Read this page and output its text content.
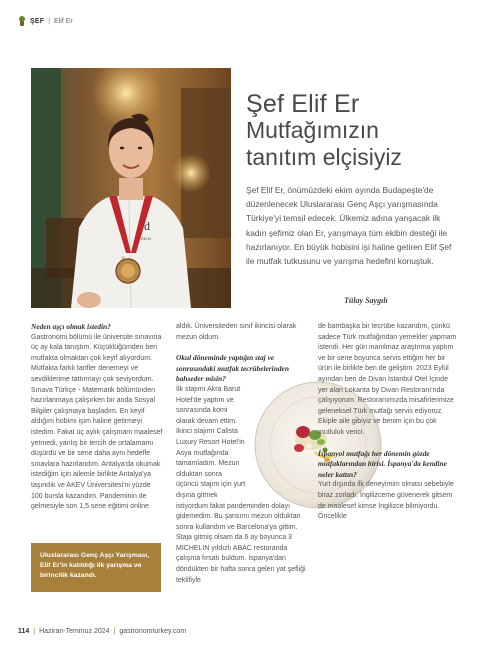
ŞEF | Elif Er
d
Elif Er
Şef Elif Er
Mutfağımızın
tanıtım elçisiyiz
Şef Elif Er, önümüzdeki ekim ayında Budapeşte'de düzenlenecek Uluslararası Genç Aşçı yarışmasında Türkiye'yi temsil edecek. Ülkemiz adına yanşacak ilk kadın şefimiz olan Er, yarışmaya tüm ekibin desteği ile hazırlanıyor. En büyük hobisini işi haline getiren Elif Şef ile mutfak tutkusunu ve yarışma hedefini konuştuk.
Tülay Saygılı

Neden aşçı olmak istedin?

Gastronomi bölümü ile üniversite sınavına üç ay kala tanıştım. Küçüklüğümden beri mutfakta olmaktan çok keyif alıyordum. Mutfakta farklı tarifler denemeyi ve sevdiklerime tattırmayı çok seviyordum. Sınava Türkçe - Matematik bölümünden hazırlanmaya çalışırken bir anda Sosyal Bilgiler çalışmaya başladım. En keyif aldığım hobimi işim haline getirmeyi istedim. Fakat üç aylık çalışmam maalesef yetmedi, yanlış bir tercih de ortalamamı düşürdü ve bir sene daha aynı hedefle sınavlara hazırlandım. Antalya'da okumak istediğim için ailemle birlikte Antalya'ya taşındık ve AKEV Üniversitesi'ni yüzde 100 bursla kazandım. Pandeminin de gelmesiyle son 1,5 sene eğitimi online

Uluslararası Genç Aşçı Yarışması, Elif Er'in katıldığı ilk yarışma ve birincilik kazandı.

aldık. Üniversiteden sınıf ikincisi olarak mezun oldum.

Okul döneminde yaptığın staj ve sonrasındaki mutfak tecrübelerinden bahseder misin?

İlk stajımı Akra Barut Hotel'de yaptım ve sonrasında komi olarak devam ettim. İkinci stajımı Calista Luxury Resort Hotel'in Asya mutfağında tamamladım. Mezun olduktan sonra üçüncü stajım için yurt dışına gitmek

istiyordum fakat pandeminden dolayı gidemedim. Bu şansımı mezun olduktan sonra kullandım ve Barcelona'ya gittim. Staja gitmiş olsam da 6 ay boyunca 3 MICHELIN yıldızlı ABAC restoranda çalışma fırsatı buldum. İspanya'dan döndükten bir hafta sonra gelen yat şefliği teklifiyle

de bambaşka bir tecrübe kazandım, çünkü sadece Türk mutfağından yemekler yapmam istendi. Her gün inanılmaz araştırma yaptım ve bir sene boyunca servis ettiğim her bir ürün ile birlikte ben de geliştim. 2023 Eylül ayından beri de Divan İstanbul Otel İçinde yer alan Lokanta by Divan Restoranı'nda çalışıyorum. Restoranımızda misafirlerimize geleneksel Türk mutfağı servis ediyoruz. Ekiple aile gibiyiz ve benim için bu çok mutluluk verici.

İspanyol mutfağı her dönemin gözde mutfaklarından birisi. İspanya'da kendine neler kattın?

Yurt dışında ilk deneyimim olması sebebiyle biraz zorladı. İngilizceme güvenerek gitsem de maalesef kimse İngilizce bilmiyordu. Öncelikle

114 | Haziran-Temmuz 2024 | gastronomturkey.com
